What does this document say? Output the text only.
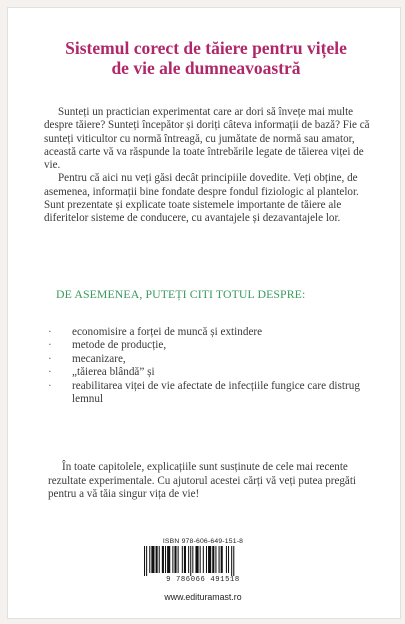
Sistemul corect de tăiere pentru vițele
de vie ale dumneavoastră

Sunteți un practician experimentat care ar dori să învețe mai multe despre tăiere? Sunteți începător și doriți câteva informații de bază? Fie că sunteți viticultor cu normă întreagă, cu jumătate de normă sau amator, această carte vă va răspunde la toate întrebările legate de tăierea viței de vie.

Pentru că aici nu veți găsi decât principiile dovedite. Veți obține, de asemenea, informații bine fondate despre fondul fiziologic al plantelor. Sunt prezentate și explicate toate sistemele importante de tăiere ale diferitelor sisteme de conducere, cu avantajele și dezavantajele lor.

DE ASEMENEA, PUTEȚI CITI TOTUL DESPRE:
· economisire a forței de muncă și extindere
· metode de producție,
· mecanizare,
· „tăierea blândă” și
· reabilitarea viței de vie afectate de infecțiile fungice care distrug lemnul

În toate capitolele, explicațiile sunt susținute de cele mai recente rezultate experimentale. Cu ajutorul acestei cărți vă veți putea pregăti pentru a vă tăia singur vița de vie!

ISBN 978-606-649-151-8
9 786066 491518
www.edituramast.ro
